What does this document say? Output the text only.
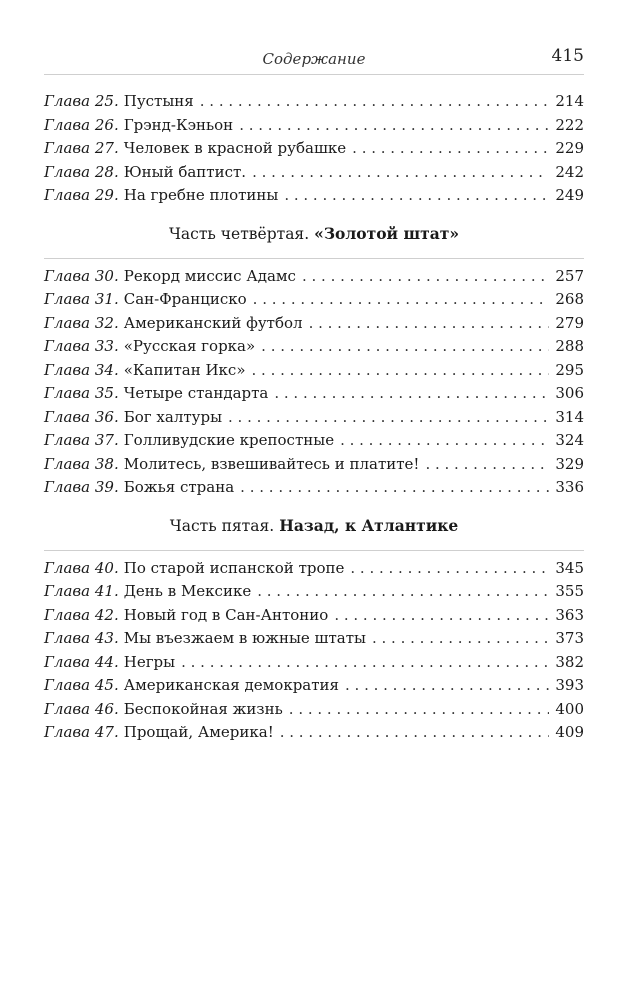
Содержание	415
Глава 25. Пустыня . . .	214
Глава 26. Грэнд-Кэньон . . .	222
Глава 27. Человек в красной рубашке . . .	229
Глава 28. Юный баптист. . . .	242
Глава 29. На гребне плотины . . .	249
Часть четвёртая. «Золотой штат»
Глава 30. Рекорд миссис Адамс . . .	257
Глава 31. Сан-Франциско . . .	268
Глава 32. Американский футбол . . .	279
Глава 33. «Русская горка» . . .	288
Глава 34. «Капитан Икс» . . .	295
Глава 35. Четыре стандарта . . .	306
Глава 36. Бог халтуры . . .	314
Глава 37. Голливудские крепостные . . .	324
Глава 38. Молитесь, взвешивайтесь и платите! . . .	329
Глава 39. Божья страна . . .	336
Часть пятая. Назад, к Атлантике
Глава 40. По старой испанской тропе . . .	345
Глава 41. День в Мексике . . .	355
Глава 42. Новый год в Сан-Антонио . . .	363
Глава 43. Мы въезжаем в южные штаты . . .	373
Глава 44. Негры . . .	382
Глава 45. Американская демократия . . .	393
Глава 46. Беспокойная жизнь . . .	400
Глава 47. Прощай, Америка! . . .	409
